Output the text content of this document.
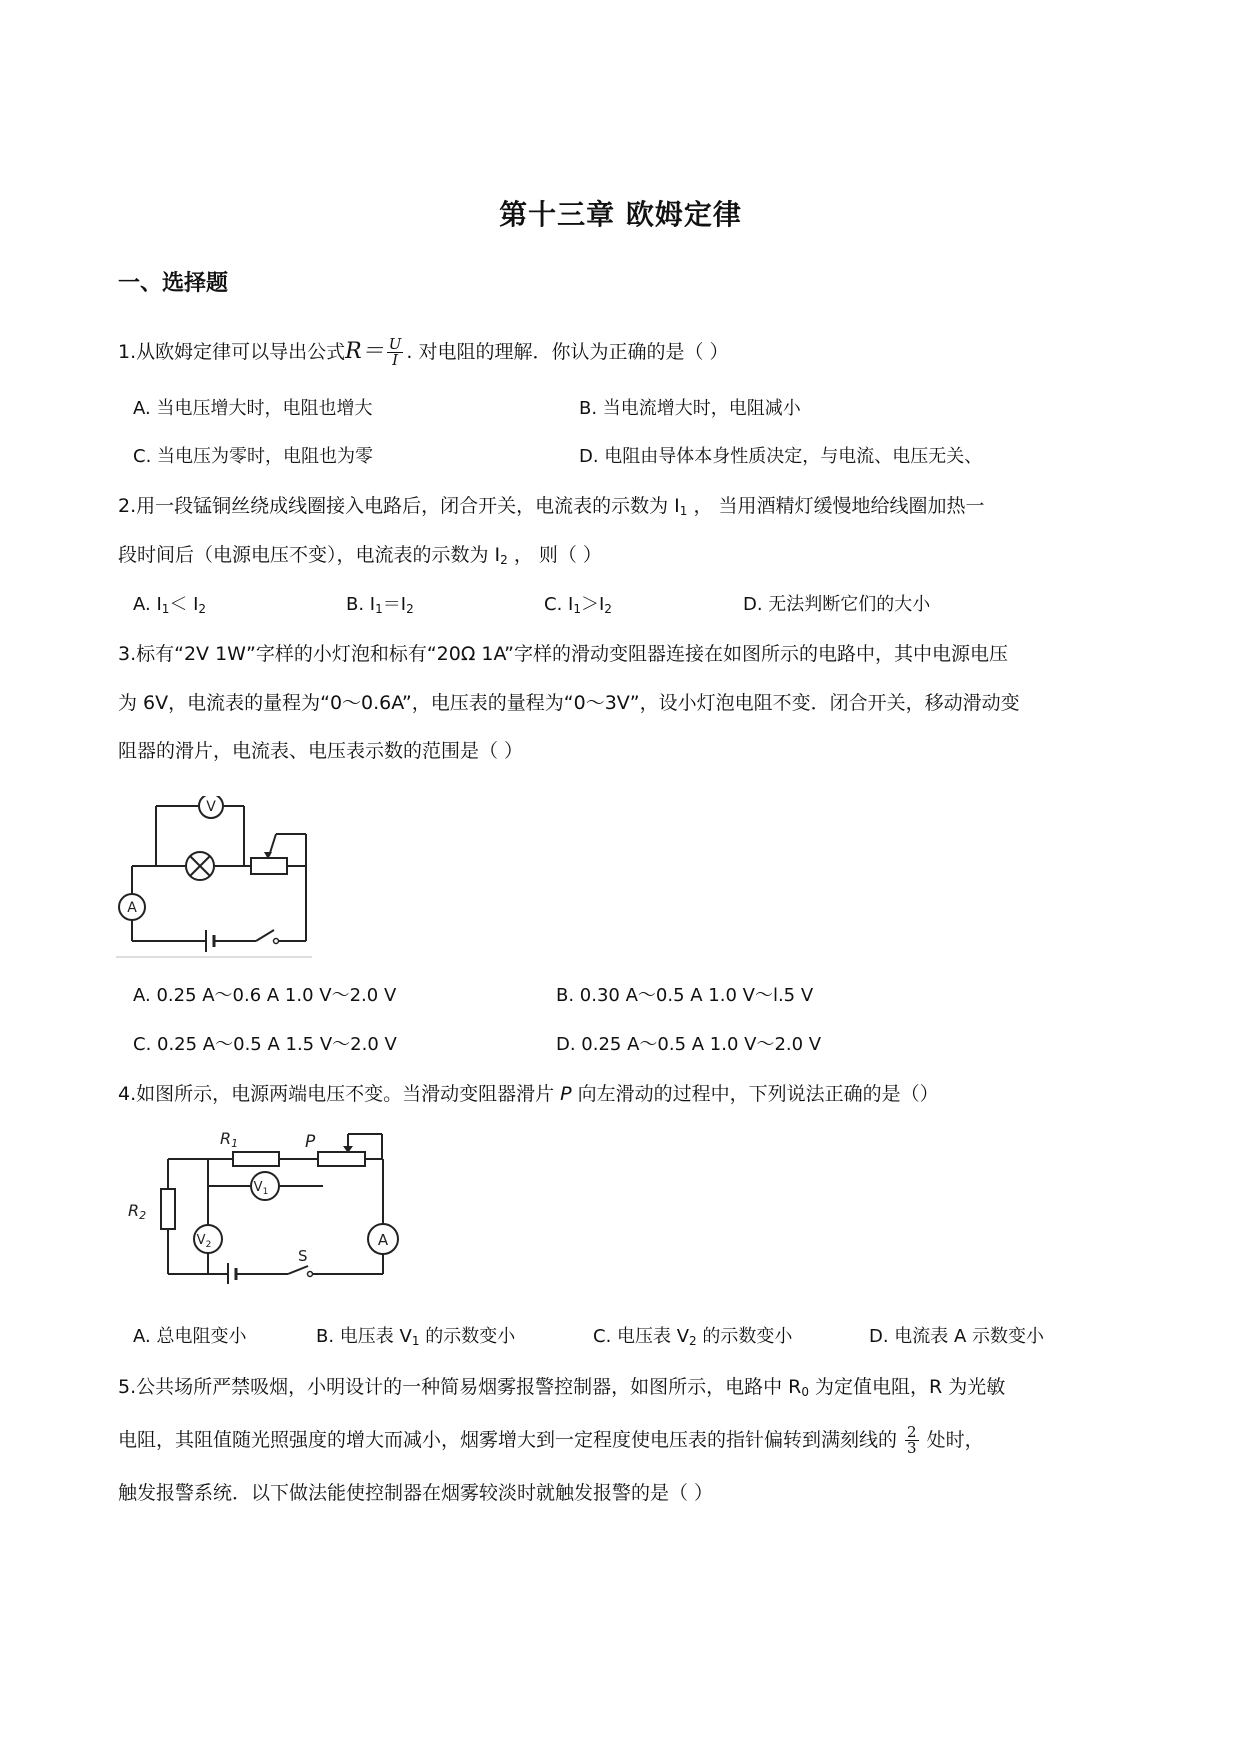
第十三章 欧姆定律
一、选择题
1.从欧姆定律可以导出公式$R= \frac{U}{I}$ . 对电阻的理解．你认为正确的是（ ）
A. 当电压增大时，电阻也增大	B. 当电流增大时，电阻减小
C. 当电压为零时，电阻也为零	D. 电阻由导体本身性质决定，与电流、电压无关、
2.用一段锰铜丝绕成线圈接入电路后，闭合开关，电流表的示数为 $I_1$ ， 当用酒精灯缓慢地给线圈加热一
段时间后（电源电压不变），电流表的示数为 $I_2$ ， 则（ ）
A. $I_1< I_2$	B. $I_1=I_2$	C. $I_1>I_2$	D. 无法判断它们的大小
3.标有“2V 1W”字样的小灯泡和标有“20Ω 1A”字样的滑动变阻器连接在如图所示的电路中，其中电源电压
为 6V，电流表的量程为“0～0.6A”，电压表的量程为“0～3V”，设小灯泡电阻不变．闭合开关，移动滑动变
阻器的滑片，电流表、电压表示数的范围是（ ）
V
A
A. 0.25 A～0.6 A 1.0 V～2.0 V	B. 0.30 A～0.5 A 1.0 V～l.5 V
C. 0.25 A～0.5 A 1.5 V～2.0 V	D. 0.25 A～0.5 A 1.0 V～2.0 V
4.如图所示，电源两端电压不变。当滑动变阻器滑片 P 向左滑动的过程中，下列说法正确的是（）
R1	P
$V_1$
R2
$V_2$	A
S
A. 总电阻变小	B. 电压表 $V_1$ 的示数变小	C. 电压表 $V_2$ 的示数变小	D. 电流表 A 示数变小
5.公共场所严禁吸烟，小明设计的一种简易烟雾报警控制器，如图所示，电路中 $R_0$ 为定值电阻，R 为光敏
电阻，其阻值随光照强度的增大而减小，烟雾增大到一定程度使电压表的指针偏转到满刻线的 $\frac{2}{3}$ 处时，
触发报警系统．以下做法能使控制器在烟雾较淡时就触发报警的是（ ）
